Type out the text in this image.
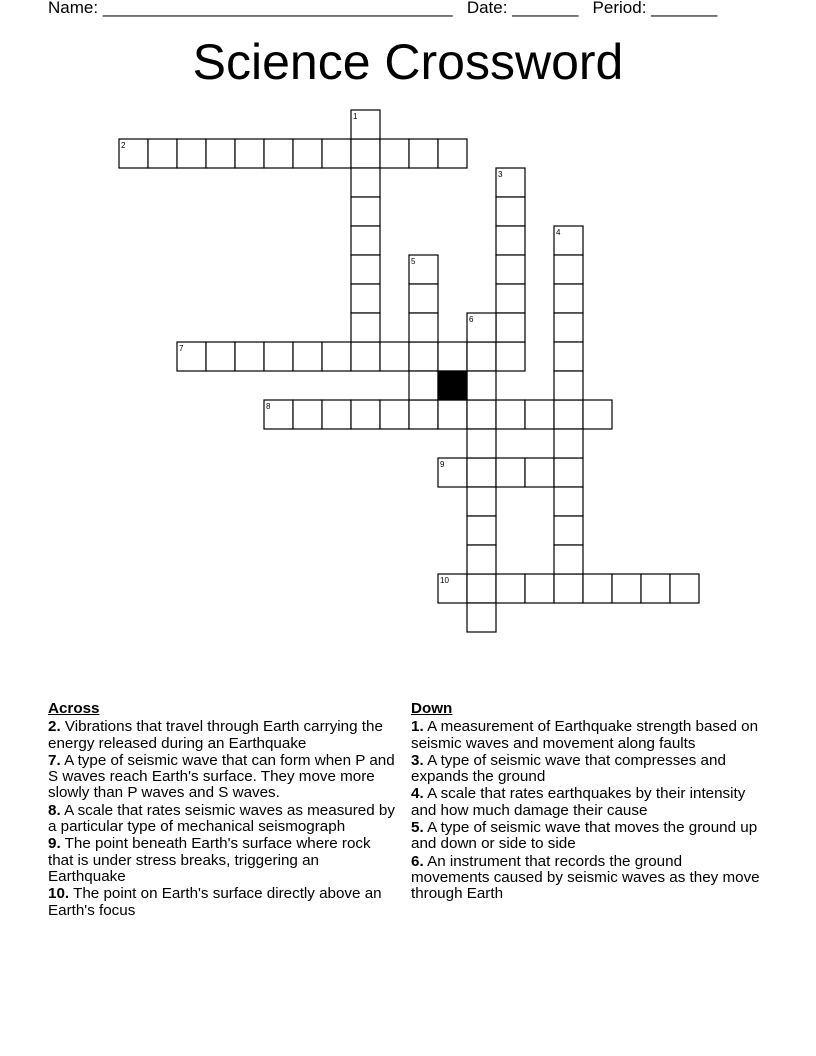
Name: _____________________________________ Date: _______ Period: _______
Science Crossword
2
7
8
9
10
1
3
4
5
6
Across
2. Vibrations that travel through Earth carrying the energy released during an Earthquake
7. A type of seismic wave that can form when P and S waves reach Earth's surface. They move more slowly than P waves and S waves.
8. A scale that rates seismic waves as measured by a particular type of mechanical seismograph
9. The point beneath Earth's surface where rock that is under stress breaks, triggering an Earthquake
10. The point on Earth's surface directly above an Earth's focus
Down
1. A measurement of Earthquake strength based on seismic waves and movement along faults
3. A type of seismic wave that compresses and expands the ground
4. A scale that rates earthquakes by their intensity and how much damage their cause
5. A type of seismic wave that moves the ground up and down or side to side
6. An instrument that records the ground movements caused by seismic waves as they move through Earth
